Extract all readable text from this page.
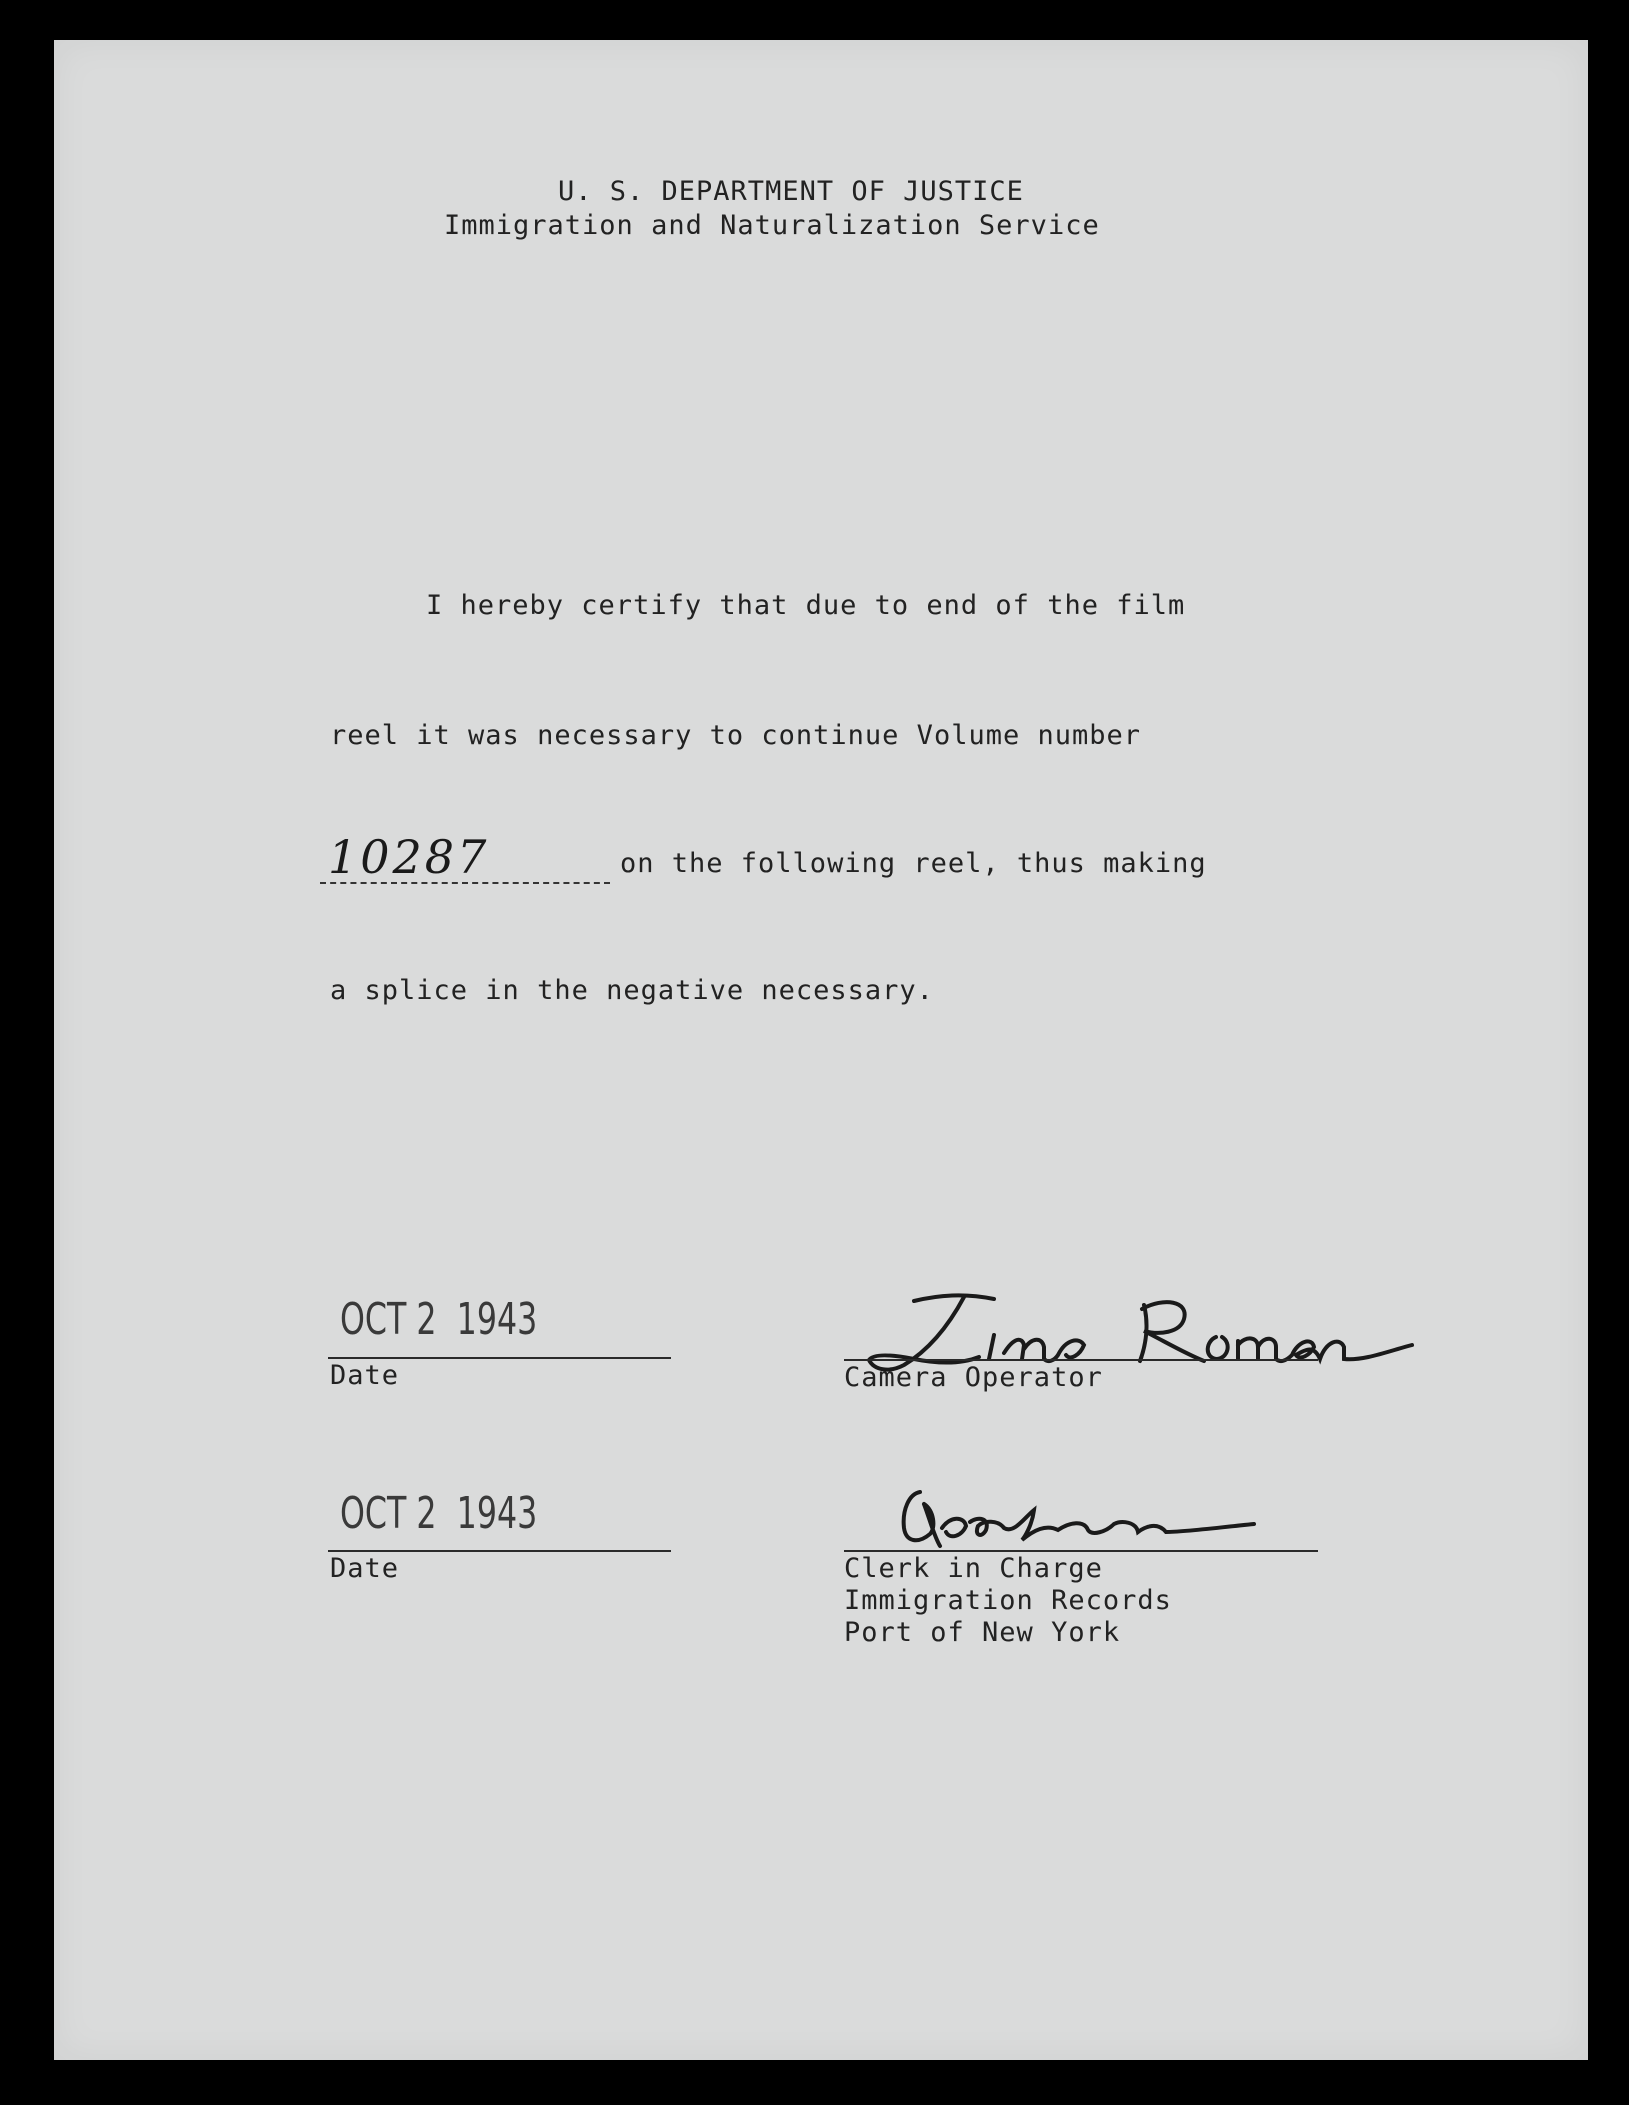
U. S. DEPARTMENT OF JUSTICE
Immigration and Naturalization Service
I hereby certify that due to end of the film
reel it was necessary to continue Volume number
10287	on the following reel, thus making
a splice in the negative necessary.
OCT 2  1943
Date	Camera Operator
OCT 2  1943
Date	Clerk in Charge
Immigration Records
Port of New York
